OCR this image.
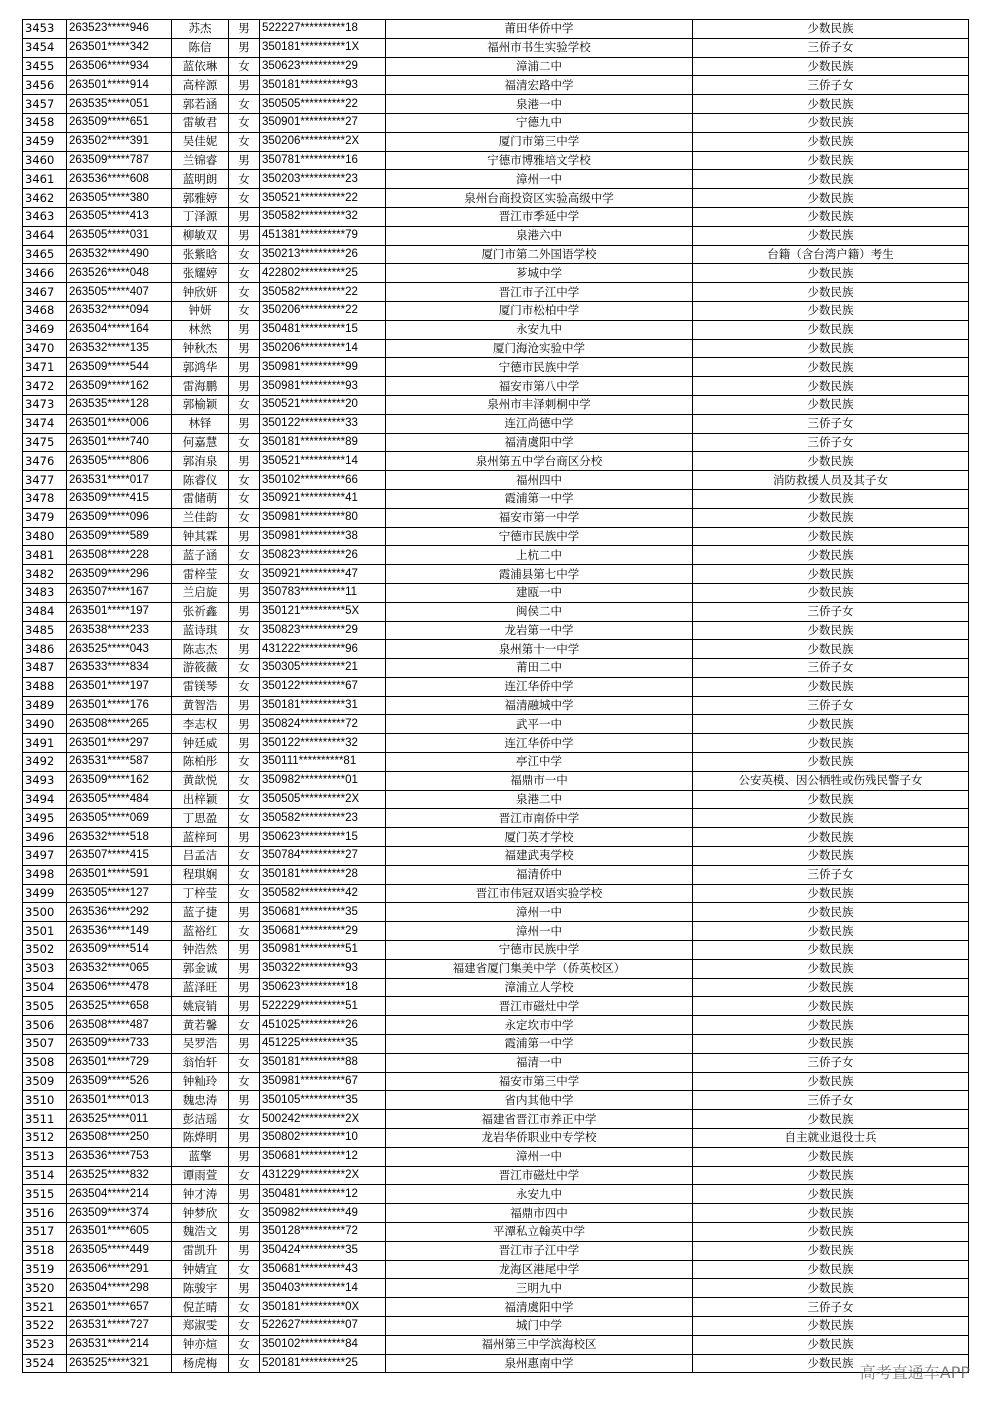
3453	263523*****946	苏杰	男	522227**********18	莆田华侨中学	少数民族
3454	263501*****342	陈信	男	350181**********1X	福州市书生实验学校	三侨子女
3455	263506*****934	蓝依琳	女	350623**********29	漳浦二中	少数民族
3456	263501*****914	高梓源	男	350181**********93	福清宏路中学	三侨子女
3457	263535*****051	郭若涵	女	350505**********22	泉港一中	少数民族
3458	263509*****651	雷敏君	女	350901**********27	宁德九中	少数民族
3459	263502*****391	吴佳妮	女	350206**********2X	厦门市第三中学	少数民族
3460	263509*****787	兰锦睿	男	350781**********16	宁德市博雅培文学校	少数民族
3461	263536*****608	蓝明朗	女	350203**********23	漳州一中	少数民族
3462	263505*****380	郭雅婷	女	350521**********22	泉州台商投资区实验高级中学	少数民族
3463	263505*****413	丁泽源	男	350582**********32	晋江市季延中学	少数民族
3464	263505*****031	柳敏双	男	451381**********79	泉港六中	少数民族
3465	263532*****490	张紫晗	女	350213**********26	厦门市第二外国语学校	台籍（含台湾户籍）考生
3466	263526*****048	张耀婷	女	422802**********25	芗城中学	少数民族
3467	263505*****407	钟欣妍	女	350582**********22	晋江市子江中学	少数民族
3468	263532*****094	钟妍	女	350206**********22	厦门市松柏中学	少数民族
3469	263504*****164	林然	男	350481**********15	永安九中	少数民族
3470	263532*****135	钟秋杰	男	350206**********14	厦门海沧实验中学	少数民族
3471	263509*****544	郭鸿华	男	350981**********99	宁德市民族中学	少数民族
3472	263509*****162	雷海鹏	男	350981**********93	福安市第八中学	少数民族
3473	263535*****128	郭榆颖	女	350521**********20	泉州市丰泽刺桐中学	少数民族
3474	263501*****006	林铎	男	350122**********33	连江尚德中学	三侨子女
3475	263501*****740	何嘉慧	女	350181**********89	福清虞阳中学	三侨子女
3476	263505*****806	郭洧泉	男	350521**********14	泉州第五中学台商区分校	少数民族
3477	263531*****017	陈睿仪	女	350102**********66	福州四中	消防救援人员及其子女
3478	263509*****415	雷储萌	女	350921**********41	霞浦第一中学	少数民族
3479	263509*****096	兰佳韵	女	350981**********80	福安市第一中学	少数民族
3480	263509*****589	钟其霖	男	350981**********38	宁德市民族中学	少数民族
3481	263508*****228	蓝子涵	女	350823**********26	上杭二中	少数民族
3482	263509*****296	雷梓莹	女	350921**********47	霞浦县第七中学	少数民族
3483	263507*****167	兰启旋	男	350783**********11	建瓯一中	少数民族
3484	263501*****197	张祈鑫	男	350121**********5X	闽侯二中	三侨子女
3485	263538*****233	蓝诗琪	女	350823**********29	龙岩第一中学	少数民族
3486	263525*****043	陈志杰	男	431222**********96	泉州第十一中学	少数民族
3487	263533*****834	游筱薇	女	350305**********21	莆田二中	三侨子女
3488	263501*****197	雷镁琴	女	350122**********67	连江华侨中学	少数民族
3489	263501*****176	黄智浩	男	350181**********31	福清融城中学	三侨子女
3490	263508*****265	李志权	男	350824**********72	武平一中	少数民族
3491	263501*****297	钟廷威	男	350122**********32	连江华侨中学	少数民族
3492	263531*****587	陈柏彤	女	350111**********81	亭江中学	少数民族
3493	263509*****162	黄歆悦	女	350982**********01	福鼎市一中	公安英模、因公牺牲或伤残民警子女
3494	263505*****484	出梓颖	女	350505**********2X	泉港二中	少数民族
3495	263505*****069	丁思盈	女	350582**********23	晋江市南侨中学	少数民族
3496	263532*****518	蓝梓珂	男	350623**********15	厦门英才学校	少数民族
3497	263507*****415	吕孟洁	女	350784**********27	福建武夷学校	少数民族
3498	263501*****591	程琪娴	女	350181**********28	福清侨中	三侨子女
3499	263505*****127	丁梓莹	女	350582**********42	晋江市伟冠双语实验学校	少数民族
3500	263536*****292	蓝子捷	男	350681**********35	漳州一中	少数民族
3501	263536*****149	蓝裕红	女	350681**********29	漳州一中	少数民族
3502	263509*****514	钟浩然	男	350981**********51	宁德市民族中学	少数民族
3503	263532*****065	郭金诚	男	350322**********93	福建省厦门集美中学（侨英校区）	少数民族
3504	263506*****478	蓝泽旺	男	350623**********18	漳浦立人学校	少数民族
3505	263525*****658	姚宸销	男	522229**********51	晋江市磁灶中学	少数民族
3506	263508*****487	黄若馨	女	451025**********26	永定坎市中学	少数民族
3507	263509*****733	吴罗浩	男	451225**********35	霞浦第一中学	少数民族
3508	263501*****729	翁怡轩	女	350181**********88	福清一中	三侨子女
3509	263509*****526	钟籼玲	女	350981**********67	福安市第三中学	少数民族
3510	263501*****013	魏忠涛	男	350105**********35	省内其他中学	三侨子女
3511	263525*****011	彭洁瑶	女	500242**********2X	福建省晋江市养正中学	少数民族
3512	263508*****250	陈烨明	男	350802**********10	龙岩华侨职业中专学校	自主就业退役士兵
3513	263536*****753	蓝擎	男	350681**********12	漳州一中	少数民族
3514	263525*****832	谭雨萱	女	431229**********2X	晋江市磁灶中学	少数民族
3515	263504*****214	钟才涛	男	350481**********12	永安九中	少数民族
3516	263509*****374	钟梦欣	女	350982**********49	福鼎市四中	少数民族
3517	263501*****605	魏浩文	男	350128**********72	平潭私立翰英中学	少数民族
3518	263505*****449	雷凯升	男	350424**********35	晋江市子江中学	少数民族
3519	263506*****291	钟婧宜	女	350681**********43	龙海区港尾中学	少数民族
3520	263504*****298	陈骏宇	男	350403**********14	三明九中	少数民族
3521	263501*****657	倪芷晴	女	350181**********0X	福清虞阳中学	三侨子女
3522	263531*****727	郑淑雯	女	522627**********07	城门中学	少数民族
3523	263531*****214	钟亦煊	女	350102**********84	福州第三中学滨海校区	少数民族
3524	263525*****321	杨虎梅	女	520181**********25	泉州惠南中学	少数民族
高考直通车APP
